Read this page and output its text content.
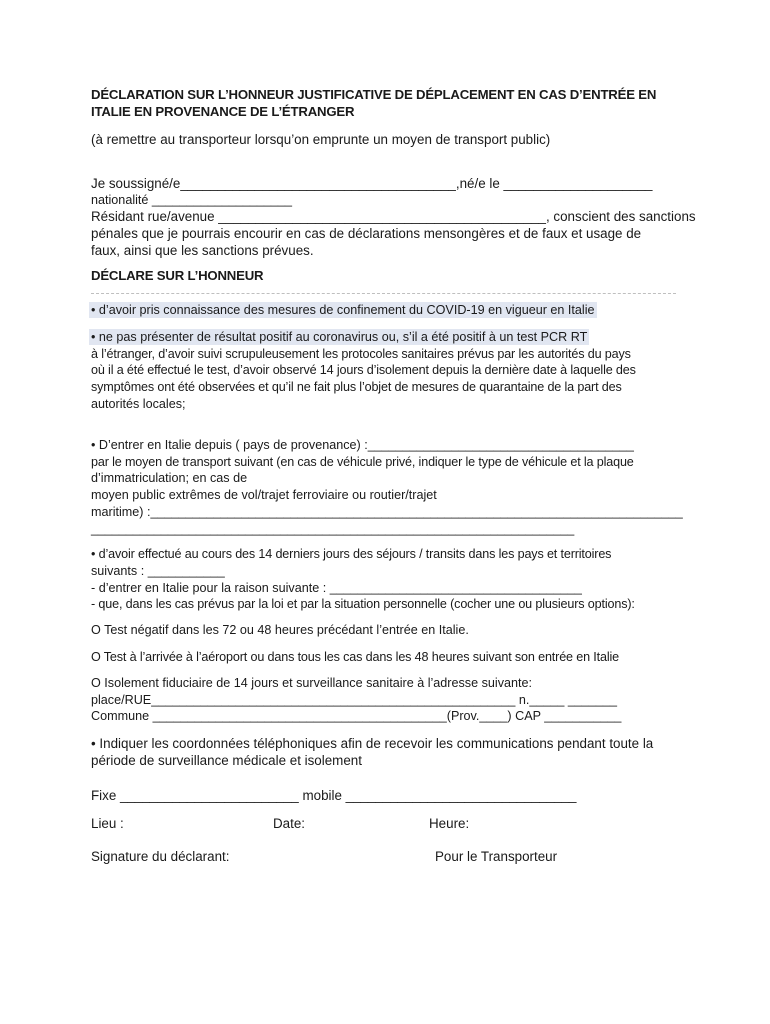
DÉCLARATION SUR L’HONNEUR JUSTIFICATIVE DE DÉPLACEMENT EN CAS D’ENTRÉE EN
ITALIE EN PROVENANCE DE L’ÉTRANGER
(à remettre au transporteur lorsqu’on emprunte un moyen de transport public)
Je soussigné/e_____________________________________,né/e le ____________________
nationalité ____________________
Résidant rue/avenue ____________________________________________, conscient des sanctions
pénales que je pourrais encourir en cas de déclarations mensongères et de faux et usage de
faux, ainsi que les sanctions prévues.
DÉCLARE SUR L’HONNEUR
• d’avoir pris connaissance des mesures de confinement du COVID-19 en vigueur en Italie
• ne pas présenter de résultat positif au coronavirus ou, s’il a été positif à un test PCR RT
à l’étranger, d’avoir suivi scrupuleusement les protocoles sanitaires prévus par les autorités du pays
où il a été effectué le test, d’avoir observé 14 jours d’isolement depuis la dernière date à laquelle des
symptômes ont été observées et qu’il ne fait plus l’objet de mesures de quarantaine de la part des
autorités locales;
• D’entrer en Italie depuis ( pays de provenance) :______________________________________
par le moyen de transport suivant (en cas de véhicule privé, indiquer le type de véhicule et la plaque
d’immatriculation; en cas de
moyen public extrêmes de vol/trajet ferroviaire ou routier/trajet
maritime) :____________________________________________________________________________
_____________________________________________________________________
• d’avoir effectué au cours des 14 derniers jours des séjours / transits dans les pays et territoires
suivants : ___________
- d’entrer en Italie pour la raison suivante : ____________________________________
- que, dans les cas prévus par la loi et par la situation personnelle (cocher une ou plusieurs options):
O Test négatif dans les 72 ou 48 heures précédant l’entrée en Italie.
O Test à l’arrivée à l’aéroport ou dans tous les cas dans les 48 heures suivant son entrée en Italie
O Isolement fiduciaire de 14 jours et surveillance sanitaire à l’adresse suivante:
place/RUE____________________________________________________ n._____ _______
Commune __________________________________________(Prov.____) CAP ___________
• Indiquer les coordonnées téléphoniques afin de recevoir les communications pendant toute la
période de surveillance médicale et isolement
Fixe ________________________ mobile _______________________________
Lieu :	Date:	Heure:
Signature du déclarant:	Pour le Transporteur
